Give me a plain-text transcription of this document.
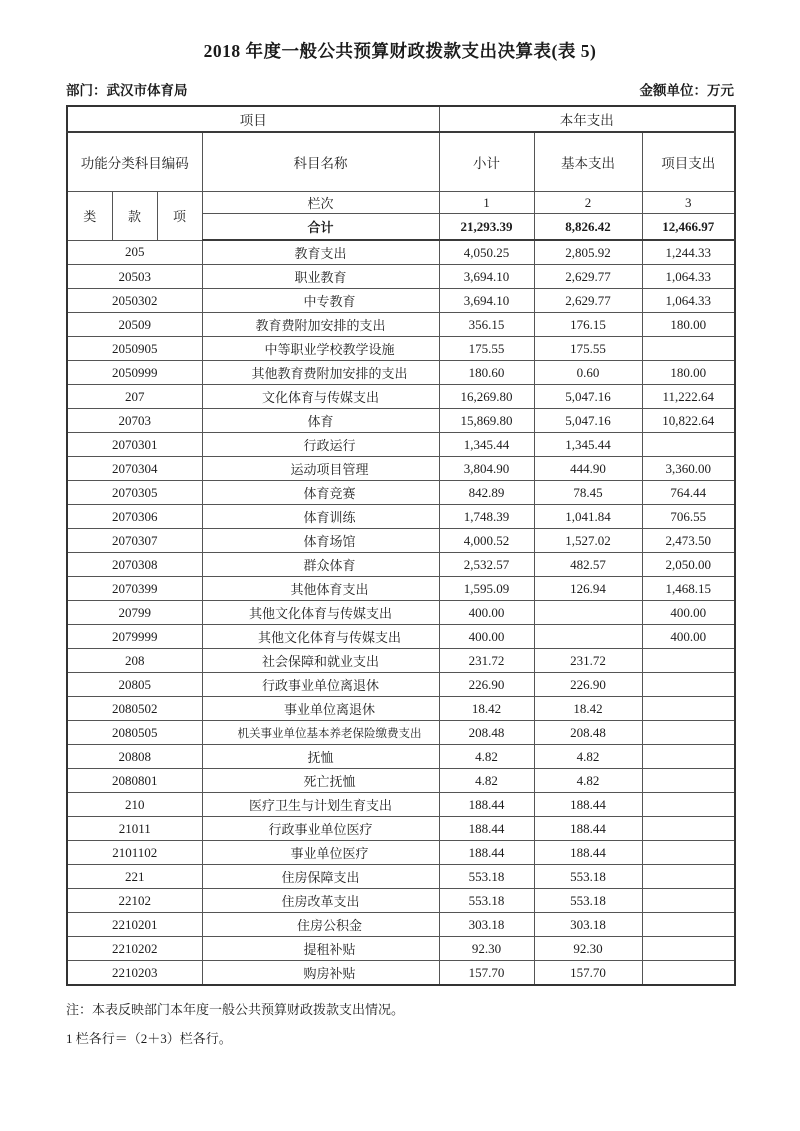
2018 年度一般公共预算财政拨款支出决算表(表 5)
部门：武汉市体育局	金额单位：万元
项目				本年支出		
功能分类科目编码			科目名称	小计	基本支出	项目支出
类	款	项	栏次	1	2	3
			合计	21,293.39	8,826.42	12,466.97
205			教育支出	4,050.25	2,805.92	1,244.33
20503			职业教育	3,694.10	2,629.77	1,064.33
2050302			中专教育	3,694.10	2,629.77	1,064.33
20509			教育费附加安排的支出	356.15	176.15	180.00
2050905			中等职业学校教学设施	175.55	175.55	
2050999			其他教育费附加安排的支出	180.60	0.60	180.00
207			文化体育与传媒支出	16,269.80	5,047.16	11,222.64
20703			体育	15,869.80	5,047.16	10,822.64
2070301			行政运行	1,345.44	1,345.44	
2070304			运动项目管理	3,804.90	444.90	3,360.00
2070305			体育竞赛	842.89	78.45	764.44
2070306			体育训练	1,748.39	1,041.84	706.55
2070307			体育场馆	4,000.52	1,527.02	2,473.50
2070308			群众体育	2,532.57	482.57	2,050.00
2070399			其他体育支出	1,595.09	126.94	1,468.15
20799			其他文化体育与传媒支出	400.00		400.00
2079999			其他文化体育与传媒支出	400.00		400.00
208			社会保障和就业支出	231.72	231.72	
20805			行政事业单位离退休	226.90	226.90	
2080502			事业单位离退休	18.42	18.42	
2080505			机关事业单位基本养老保险缴费支出	208.48	208.48	
20808			抚恤	4.82	4.82	
2080801			死亡抚恤	4.82	4.82	
210			医疗卫生与计划生育支出	188.44	188.44	
21011			行政事业单位医疗	188.44	188.44	
2101102			事业单位医疗	188.44	188.44	
221			住房保障支出	553.18	553.18	
22102			住房改革支出	553.18	553.18	
2210201			住房公积金	303.18	303.18	
2210202			提租补贴	92.30	92.30	
2210203			购房补贴	157.70	157.70	

注：本表反映部门本年度一般公共预算财政拨款支出情况。

1 栏各行＝（2＋3）栏各行。
